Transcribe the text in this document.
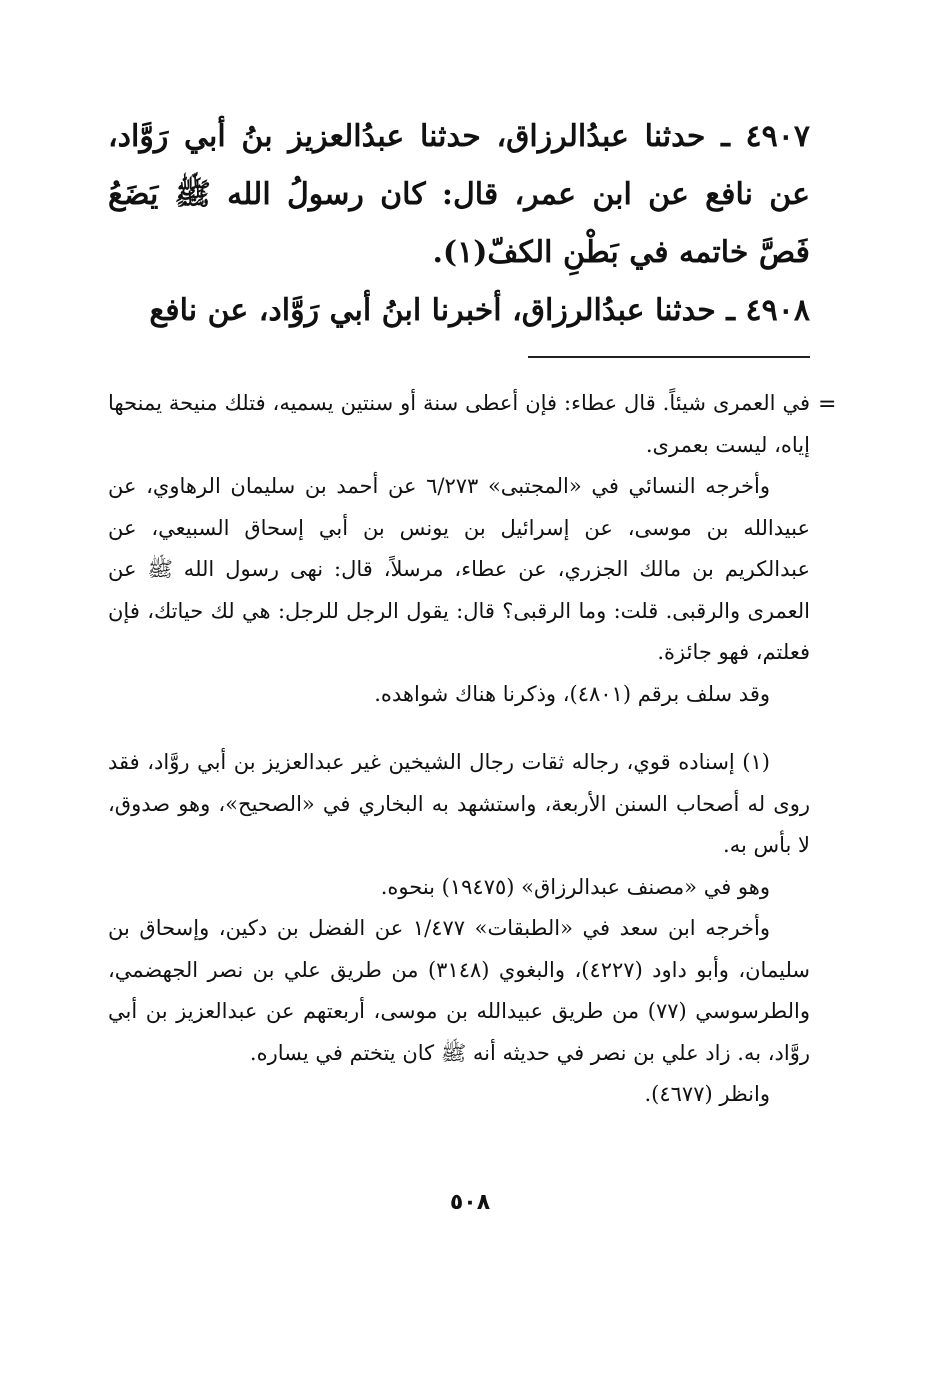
٤٩٠٧ ـ حدثنا عبدُالرزاق، حدثنا عبدُالعزيز بنُ أبي رَوَّاد، عن نافع عن ابن عمر، قال: كان رسولُ الله ﷺ يَضَعُ فَصَّ خاتمه في بَطْنِ الكفّ(١).
٤٩٠٨ ـ حدثنا عبدُالرزاق، أخبرنا ابنُ أبي رَوَّاد، عن نافع
=

في العمرى شيئاً. قال عطاء: فإن أعطى سنة أو سنتين يسميه، فتلك منيحة يمنحها إياه، ليست بعمرى.

وأخرجه النسائي في «المجتبى» ٦/٢٧٣ عن أحمد بن سليمان الرهاوي، عن عبيدالله بن موسى، عن إسرائيل بن يونس بن أبي إسحاق السبيعي، عن عبدالكريم بن مالك الجزري، عن عطاء، مرسلاً، قال: نهى رسول الله ﷺ عن العمرى والرقبى. قلت: وما الرقبى؟ قال: يقول الرجل للرجل: هي لك حياتك، فإن فعلتم، فهو جائزة.

وقد سلف برقم (٤٨٠١)، وذكرنا هناك شواهده.

(١) إسناده قوي، رجاله ثقات رجال الشيخين غير عبدالعزيز بن أبي روَّاد، فقد روى له أصحاب السنن الأربعة، واستشهد به البخاري في «الصحيح»، وهو صدوق، لا بأس به.

وهو في «مصنف عبدالرزاق» (١٩٤٧٥) بنحوه.

وأخرجه ابن سعد في «الطبقات» ١/٤٧٧ عن الفضل بن دكين، وإسحاق بن سليمان، وأبو داود (٤٢٢٧)، والبغوي (٣١٤٨) من طريق علي بن نصر الجهضمي، والطرسوسي (٧٧) من طريق عبيدالله بن موسى، أربعتهم عن عبدالعزيز بن أبي روَّاد، به. زاد علي بن نصر في حديثه أنه ﷺ كان يتختم في يساره.

وانظر (٤٦٧٧).

٥٠٨
